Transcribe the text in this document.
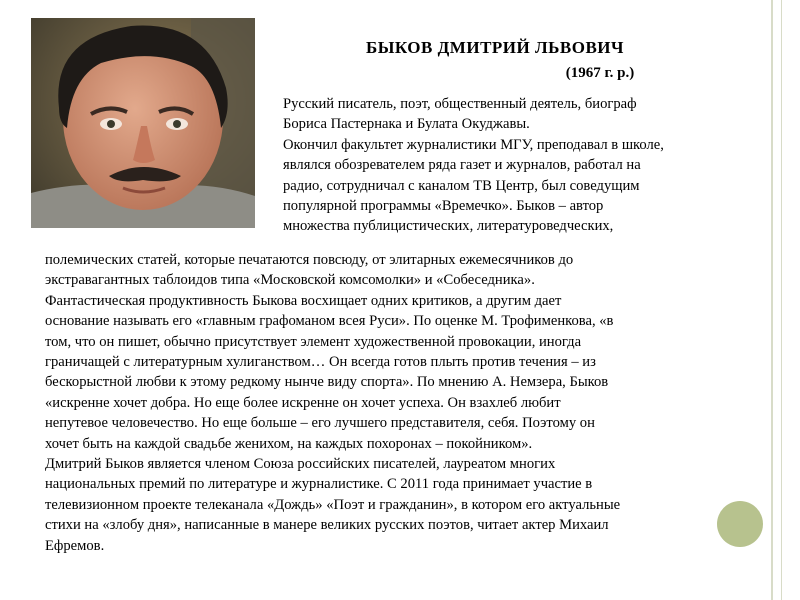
БЫКОВ ДМИТРИЙ ЛЬВОВИЧ
(1967 г. р.)
Русский писатель, поэт, общественный деятель, биограф
Бориса Пастернака и Булата Окуджавы.
Окончил факультет журналистики МГУ, преподавал в школе,
являлся обозревателем ряда газет и журналов, работал на
радио, сотрудничал с каналом ТВ Центр, был соведущим
популярной программы «Времечко». Быков – автор
множества публицистических, литературоведческих,
полемических статей, которые печатаются повсюду, от элитарных ежемесячников до
экстравагантных таблоидов типа «Московской комсомолки» и «Собеседника».
Фантастическая продуктивность Быкова восхищает одних критиков, а другим дает
основание называть его «главным графоманом всея Руси». По оценке М. Трофименкова, «в
том, что он пишет, обычно присутствует элемент художественной провокации, иногда
граничащей с литературным хулиганством… Он всегда готов плыть против течения – из
бескорыстной любви к этому редкому нынче виду спорта». По мнению А. Немзера, Быков
«искренне хочет добра. Но еще более искренне он хочет успеха. Он взахлеб любит
непутевое человечество. Но еще больше – его лучшего представителя, себя. Поэтому он
хочет быть на каждой свадьбе женихом, на каждых похоронах – покойником».
Дмитрий Быков является членом Союза российских писателей, лауреатом многих
национальных премий по литературе и журналистике. С 2011 года принимает участие в
телевизионном проекте телеканала «Дождь» «Поэт и гражданин», в котором его актуальные
стихи на «злобу дня», написанные в манере великих русских поэтов, читает актер Михаил
Ефремов.
